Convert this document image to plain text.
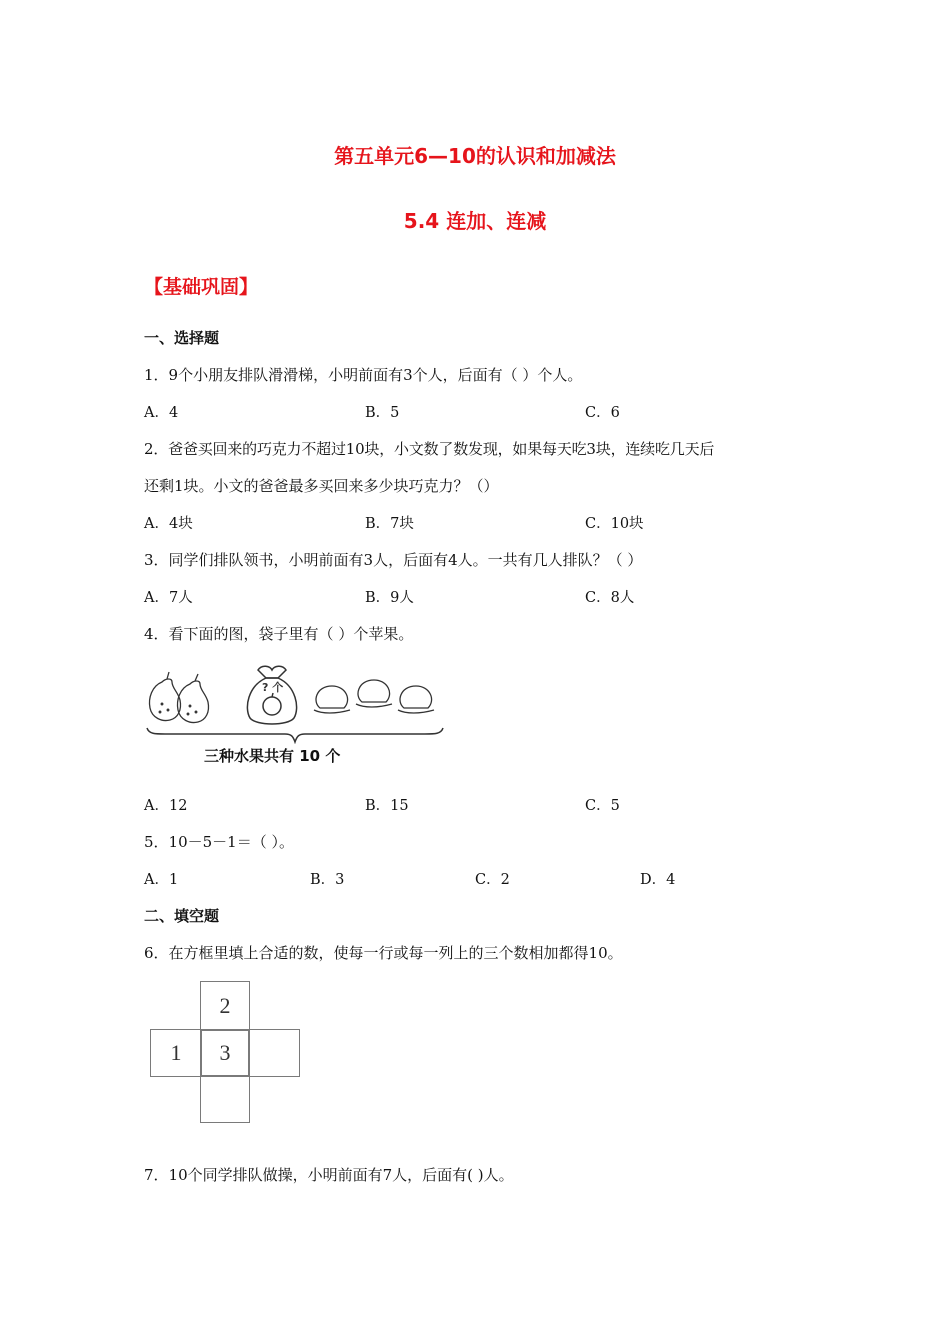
第五单元6—10的认识和加减法
5.4 连加、连减
【基础巩固】
一、选择题
1．9个小朋友排队滑滑梯，小明前面有3个人，后面有（ ）个人。
A．4	B．5	C．6
2．爸爸买回来的巧克力不超过10块，小文数了数发现，如果每天吃3块，连续吃几天后
还剩1块。小文的爸爸最多买回来多少块巧克力？（）
A．4块	B．7块	C．10块
3．同学们排队领书，小明前面有3人，后面有4人。一共有几人排队？（ ）
A．7人	B．9人	C．8人
4．看下面的图，袋子里有（ ）个苹果。
? 个
三种水果共有 10 个
A．12	B．15	C．5
5．10－5－1＝（ ）。
A．1	B．3	C．2	D．4
二、填空题
6．在方框里填上合适的数，使每一行或每一列上的三个数相加都得10。
2
1	3
7．10个同学排队做操，小明前面有7人，后面有( )人。
